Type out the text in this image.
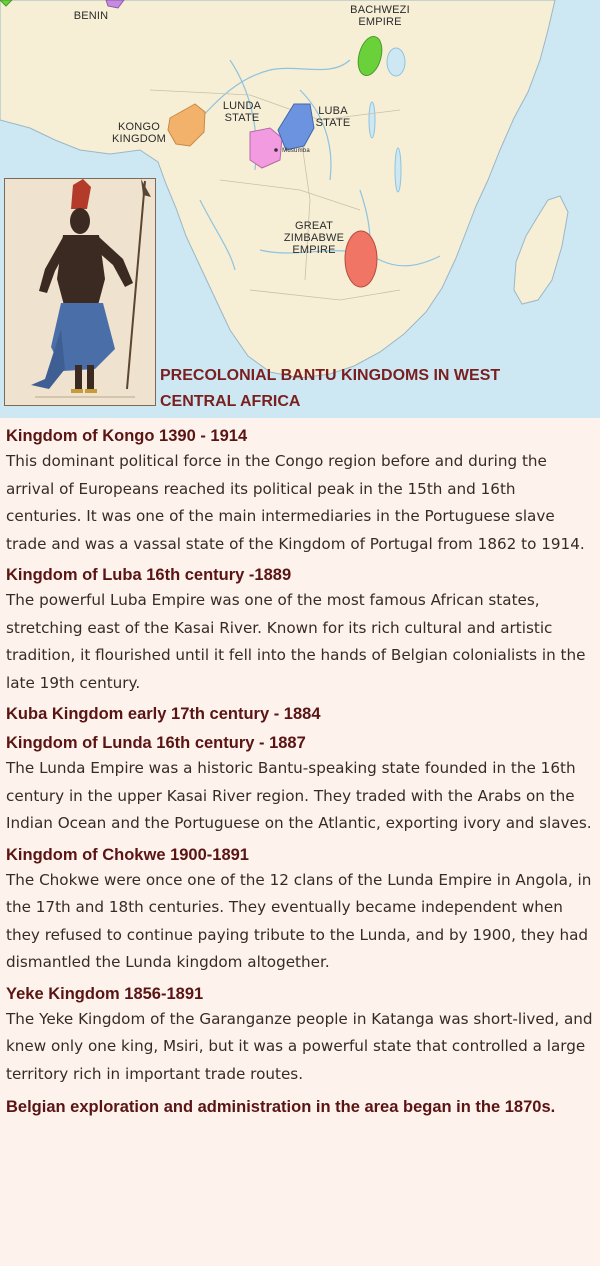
BENIN	BACHWEZI EMPIRE
KONGO KINGDOM
LUNDA STATE
LUBA STATE
Musumba
GREAT ZIMBABWE EMPIRE
PRECOLONIAL BANTU KINGDOMS IN WEST CENTRAL AFRICA
Kingdom of Kongo 1390 - 1914
This dominant political force in the Congo region before and during the arrival of Europeans reached its political peak in the 15th and 16th centuries. It was one of the main intermediaries in the Portuguese slave trade and was a vassal state of the Kingdom of Portugal from 1862 to 1914.
Kingdom of Luba 16th century -1889
The powerful Luba Empire was one of the most famous African states, stretching east of the Kasai River. Known for its rich cultural and artistic tradition, it flourished until it fell into the hands of Belgian colonialists in the late 19th century.
Kuba Kingdom early 17th century - 1884
Kingdom of Lunda 16th century - 1887
The Lunda Empire was a historic Bantu-speaking state founded in the 16th century in the upper Kasai River region. They traded with the Arabs on the Indian Ocean and the Portuguese on the Atlantic, exporting ivory and slaves.
Kingdom of Chokwe 1900-1891
The Chokwe were once one of the 12 clans of the Lunda Empire in Angola, in the 17th and 18th centuries. They eventually became independent when they refused to continue paying tribute to the Lunda, and by 1900, they had dismantled the Lunda kingdom altogether.
Yeke Kingdom 1856-1891
The Yeke Kingdom of the Garanganze people in Katanga was short-lived, and knew only one king, Msiri, but it was a powerful state that controlled a large territory rich in important trade routes.
Belgian exploration and administration in the area began in the 1870s.
